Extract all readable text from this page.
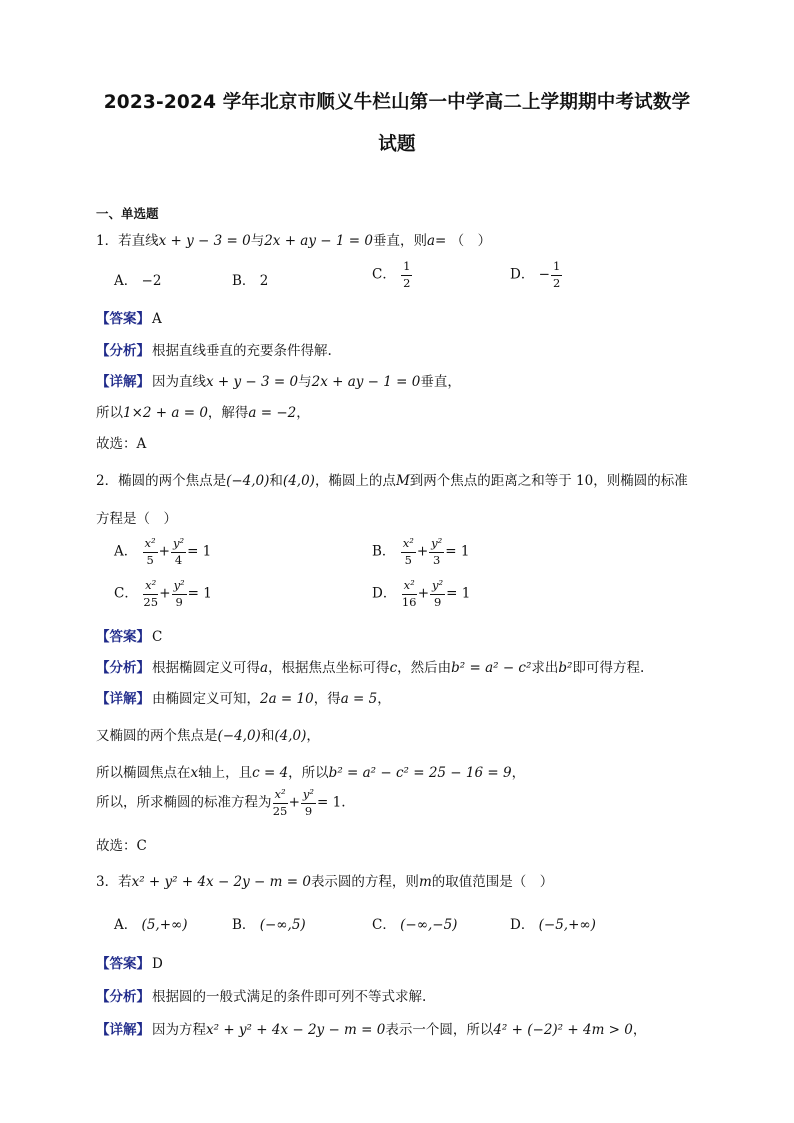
2023-2024 学年北京市顺义牛栏山第一中学高二上学期期中考试数学
试题
一、单选题
1．若直线x + y − 3 = 0与2x + ay − 1 = 0垂直，则a= （　）
A． −2	B． 2	C． $\frac{1}{2}$	D． − $\frac{1}{2}$
【答案】 A
【分析】 根据直线垂直的充要条件得解.
【详解】 因为直线x + y − 3 = 0与2x + ay − 1 = 0垂直，
所以1×2 + a = 0，解得a = −2，
故选：A
2．椭圆的两个焦点是(−4,0)和(4,0)，椭圆上的点M到两个焦点的距离之和等于 10，则椭圆的标准
方程是（　）
A． $\frac{\text{x²}}{5} + \frac{\text{y²}}{4} = 1$	B． $\frac{\text{x²}}{5} + \frac{\text{y²}}{3} = 1$
C． $\frac{\text{x²}}{25} + \frac{\text{y²}}{9} = 1$	D． $\frac{\text{x²}}{16} + \frac{\text{y²}}{9} = 1$
【答案】 C
【分析】 根据椭圆定义可得a，根据焦点坐标可得c，然后由b² = a² − c²求出b²即可得方程.
【详解】 由椭圆定义可知，2a = 10，得a = 5，
又椭圆的两个焦点是(−4,0)和(4,0)，
所以椭圆焦点在x轴上，且c = 4，所以b² = a² − c² = 25 − 16 = 9，
所以，所求椭圆的标准方程为 $\frac{\text{x²}}{25} + \frac{\text{y²}}{9} = 1$.
故选：C
3．若x² + y² + 4x − 2y − m = 0表示圆的方程，则m的取值范围是（　）
A． (5,+∞)	B． (−∞,5)	C． (−∞,−5)	D． (−5,+∞)
【答案】 D
【分析】 根据圆的一般式满足的条件即可列不等式求解.
【详解】 因为方程x² + y² + 4x − 2y − m = 0表示一个圆，所以4² + (−2)² + 4m > 0，
